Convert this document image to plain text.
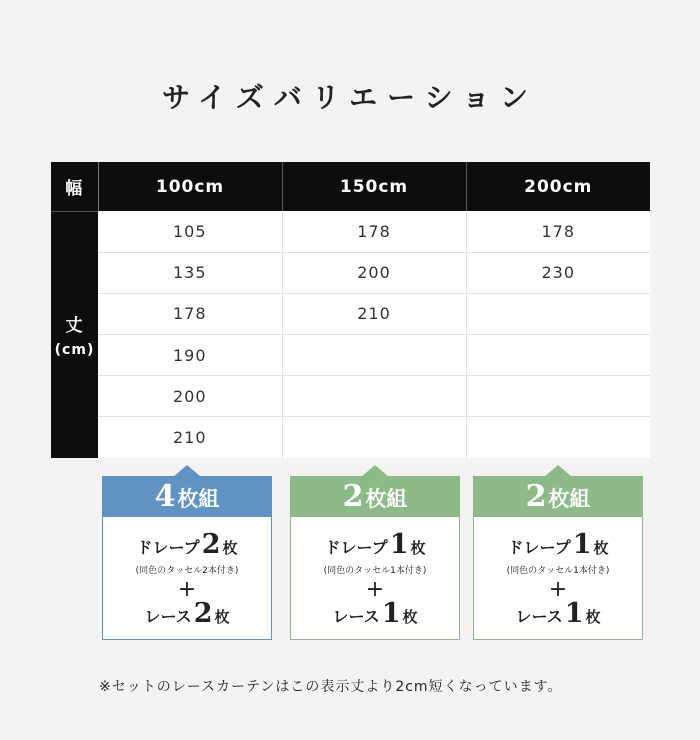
サイズバリエーション
幅	100cm	150cm	200cm

丈
(cm)	105	178	178
	135	200	230
	178	210	
	190		
	200		
	210		
4枚組
ドレープ2 枚
(同色のタッセル2本付き)
+
レース2 枚
2枚組
ドレープ1 枚
(同色のタッセル1本付き)
+
レース1 枚
2枚組
ドレープ1 枚
(同色のタッセル1本付き)
+
レース1 枚

※セットのレースカーテンはこの表示丈より2cm短くなっています。
